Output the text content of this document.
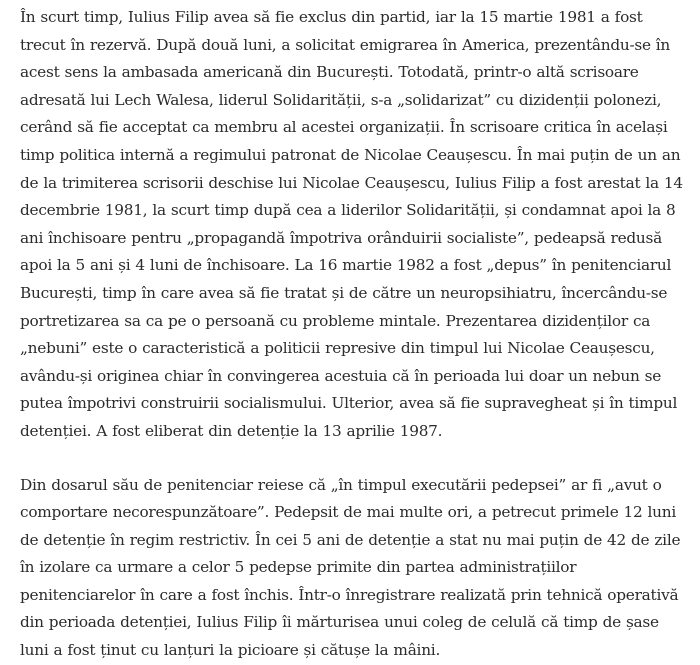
În scurt timp, Iulius Filip avea să fie exclus din partid, iar la 15 martie 1981 a fost trecut în rezervă. După două luni, a solicitat emigrarea în America, prezentându-se în acest sens la ambasada americană din București. Totodată, printr-o altă scrisoare adresată lui Lech Walesa, liderul Solidarității, s-a „solidarizat” cu dizidenții polonezi, cerând să fie acceptat ca membru al acestei organizații. În scrisoare critica în același timp politica internă a regimului patronat de Nicolae Ceaușescu. În mai puțin de un an de la trimiterea scrisorii deschise lui Nicolae Ceaușescu, Iulius Filip a fost arestat la 14 decembrie 1981, la scurt timp după cea a liderilor Solidarității, și condamnat apoi la 8 ani închisoare pentru „propagandă împotriva orânduirii socialiste”, pedeapsă redusă apoi la 5 ani și 4 luni de închisoare. La 16 martie 1982 a fost „depus” în penitenciarul București, timp în care avea să fie tratat și de către un neuropsihiatru, încercându-se portretizarea sa ca pe o persoană cu probleme mintale. Prezentarea dizidenților ca „nebuni” este o caracteristică a politicii represive din timpul lui Nicolae Ceaușescu, avându-și originea chiar în convingerea acestuia că în perioada lui doar un nebun se putea împotrivi construirii socialismului. Ulterior, avea să fie supravegheat și în timpul detenției. A fost eliberat din detenție la 13 aprilie 1987.

Din dosarul său de penitenciar reiese că „în timpul executării pedepsei” ar fi „avut o comportare necorespunzătoare”. Pedepsit de mai multe ori, a petrecut primele 12 luni de detenție în regim restrictiv. În cei 5 ani de detenție a stat nu mai puțin de 42 de zile în izolare ca urmare a celor 5 pedepse primite din partea administrațiilor penitenciarelor în care a fost închis. Într-o înregistrare realizată prin tehnică operativă din perioada detenției, Iulius Filip îi mărturisea unui coleg de celulă că timp de șase luni a fost ținut cu lanțuri la picioare și cătușe la mâini.
